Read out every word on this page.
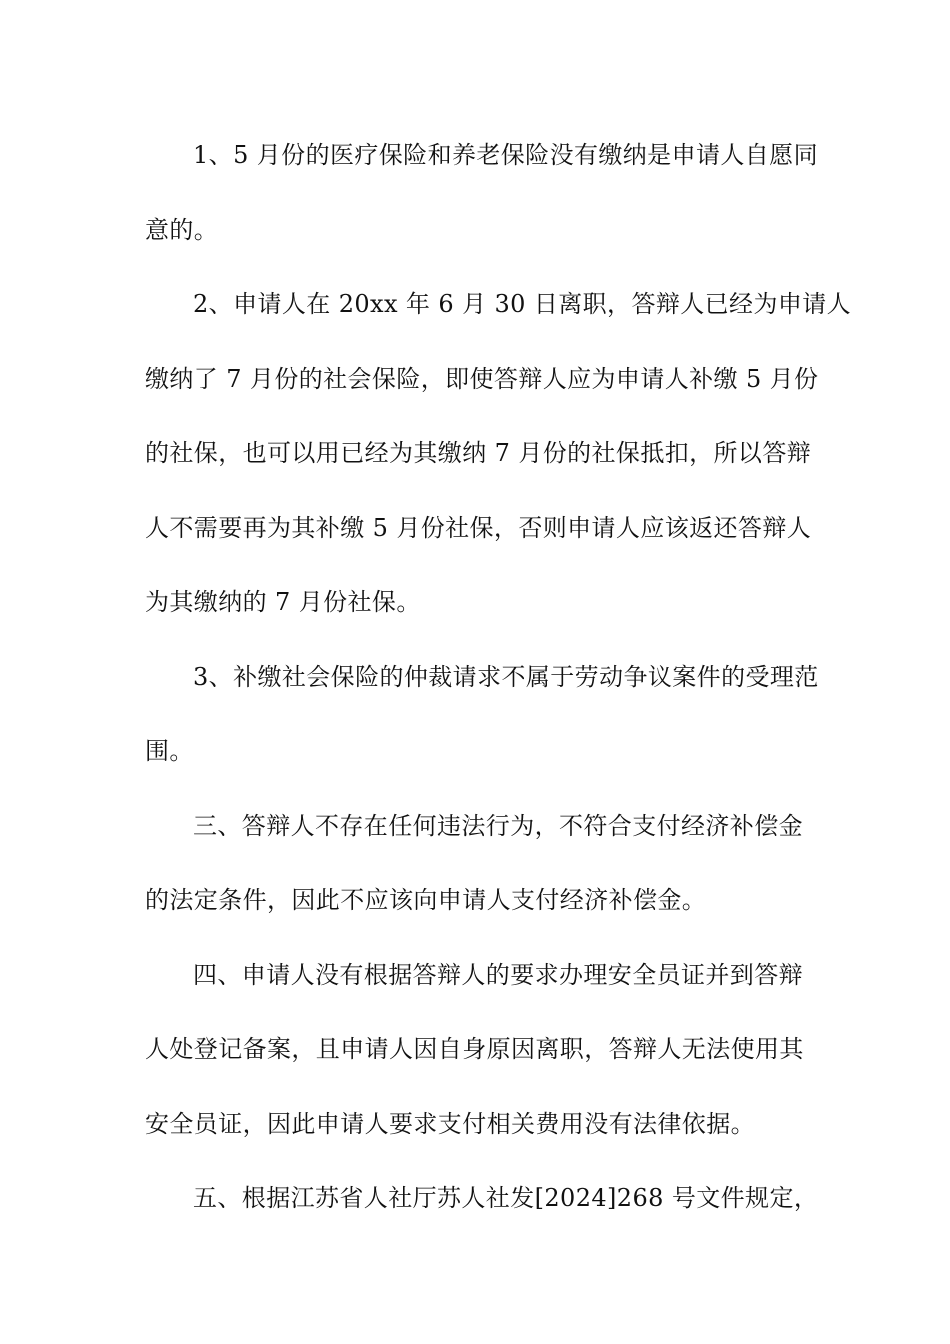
1、5 月份的医疗保险和养老保险没有缴纳是申请人自愿同
意的。

2、申请人在 20xx 年 6 月 30 日离职，答辩人已经为申请人
缴纳了 7 月份的社会保险，即使答辩人应为申请人补缴 5 月份
的社保，也可以用已经为其缴纳 7 月份的社保抵扣，所以答辩
人不需要再为其补缴 5 月份社保，否则申请人应该返还答辩人
为其缴纳的 7 月份社保。

3、补缴社会保险的仲裁请求不属于劳动争议案件的受理范
围。

三、答辩人不存在任何违法行为，不符合支付经济补偿金
的法定条件，因此不应该向申请人支付经济补偿金。

四、申请人没有根据答辩人的要求办理安全员证并到答辩
人处登记备案，且申请人因自身原因离职，答辩人无法使用其
安全员证，因此申请人要求支付相关费用没有法律依据。

五、根据江苏省人社厅苏人社发[2024]268 号文件规定，
